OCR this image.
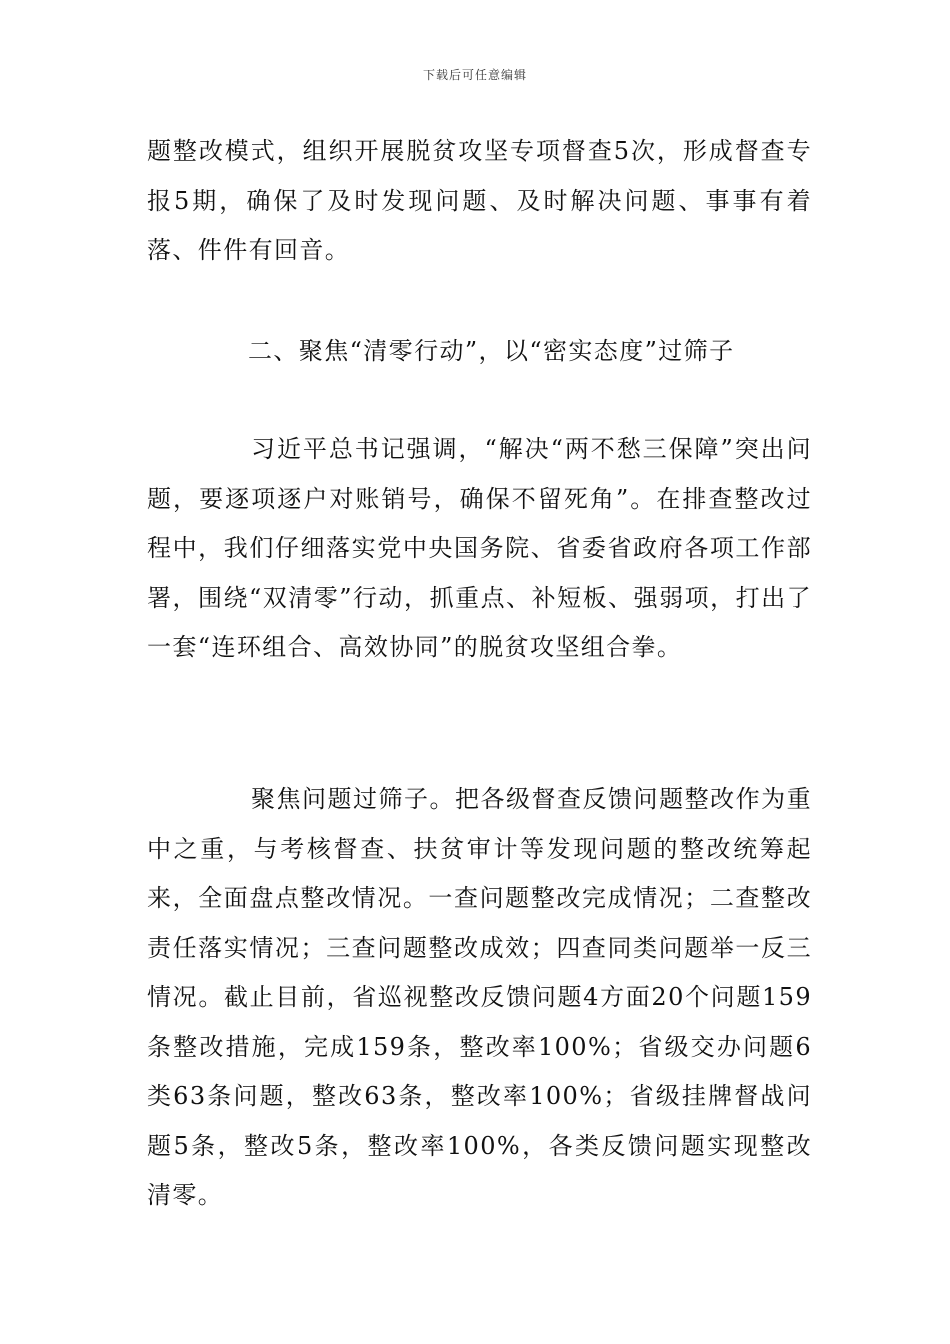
下载后可任意编辑

题整改模式，组织开展脱贫攻坚专项督查5次，形成督查专报5期，确保了及时发现问题、及时解决问题、事事有着落、件件有回音。

二、聚焦“清零行动”，以“密实态度”过筛子

习近平总书记强调，“解决“两不愁三保障”突出问题，要逐项逐户对账销号，确保不留死角”。在排查整改过程中，我们仔细落实党中央国务院、省委省政府各项工作部署，围绕“双清零”行动，抓重点、补短板、强弱项，打出了一套“连环组合、高效协同”的脱贫攻坚组合拳。

聚焦问题过筛子。把各级督查反馈问题整改作为重中之重，与考核督查、扶贫审计等发现问题的整改统筹起来，全面盘点整改情况。一查问题整改完成情况；二查整改责任落实情况；三查问题整改成效；四查同类问题举一反三情况。截止目前，省巡视整改反馈问题4方面20个问题159条整改措施，完成159条，整改率100%；省级交办问题6类63条问题，整改63条，整改率100%；省级挂牌督战问题5条，整改5条，整改率100%，各类反馈问题实现整改清零。
